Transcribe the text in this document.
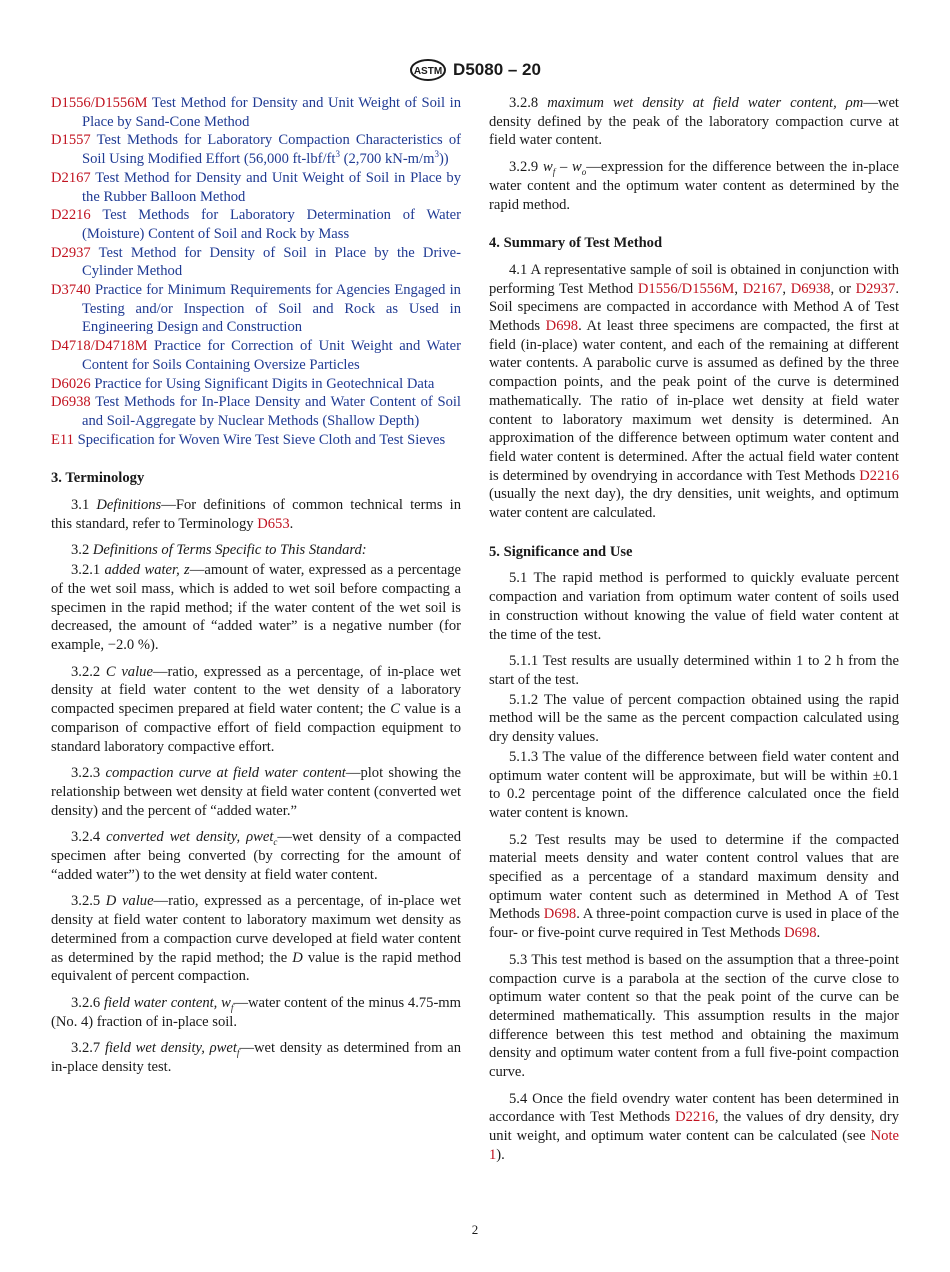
ASTM D5080 – 20

D1556/D1556M Test Method for Density and Unit Weight of Soil in Place by Sand-Cone Method

D1557 Test Methods for Laboratory Compaction Characteristics of Soil Using Modified Effort (56,000 $ft-lbf/ft^3$ (2,700 $kN-m/m^3$))

D2167 Test Method for Density and Unit Weight of Soil in Place by the Rubber Balloon Method

D2216 Test Methods for Laboratory Determination of Water (Moisture) Content of Soil and Rock by Mass

D2937 Test Method for Density of Soil in Place by the Drive-Cylinder Method

D3740 Practice for Minimum Requirements for Agencies Engaged in Testing and/or Inspection of Soil and Rock as Used in Engineering Design and Construction

D4718/D4718M Practice for Correction of Unit Weight and Water Content for Soils Containing Oversize Particles

D6026 Practice for Using Significant Digits in Geotechnical Data

D6938 Test Methods for In-Place Density and Water Content of Soil and Soil-Aggregate by Nuclear Methods (Shallow Depth)

E11 Specification for Woven Wire Test Sieve Cloth and Test Sieves

3. Terminology

3.1 Definitions—For definitions of common technical terms in this standard, refer to Terminology D653.

3.2 Definitions of Terms Specific to This Standard:

3.2.1 added water, z—amount of water, expressed as a percentage of the wet soil mass, which is added to wet soil before compacting a specimen in the rapid method; if the water content of the wet soil is decreased, the amount of “added water” is a negative number (for example, −2.0 %).

3.2.2 C value—ratio, expressed as a percentage, of in-place wet density at field water content to the wet density of a laboratory compacted specimen prepared at field water content; the C value is a comparison of compactive effort of field compaction equipment to standard laboratory compactive effort.

3.2.3 compaction curve at field water content—plot showing the relationship between wet density at field water content (converted wet density) and the percent of “added water.”

3.2.4 converted wet density, ρwet$_c$—wet density of a compacted specimen after being converted (by correcting for the amount of “added water”) to the wet density at field water content.

3.2.5 D value—ratio, expressed as a percentage, of in-place wet density at field water content to laboratory maximum wet density as determined from a compaction curve developed at field water content as determined by the rapid method; the D value is the rapid method equivalent of percent compaction.

3.2.6 field water content, $w_f—water$ content of the minus 4.75-mm (No. 4) fraction of in-place soil.

3.2.7 field wet density, ρwet$_f$—wet density as determined from an in-place density test.

3.2.8 maximum wet density at field water content, ρm—wet density defined by the peak of the laboratory compaction curve at field water content.

3.2.9 $w_f$ – $w_o—expression$ for the difference between the in-place water content and the optimum water content as determined by the rapid method.

4. Summary of Test Method

4.1 A representative sample of soil is obtained in conjunction with performing Test Method D1556/D1556M, D2167, D6938, or D2937. Soil specimens are compacted in accordance with Method A of Test Methods D698. At least three specimens are compacted, the first at field (in-place) water content, and each of the remaining at different water contents. A parabolic curve is assumed as defined by the three compaction points, and the peak point of the curve is determined mathematically. The ratio of in-place wet density at field water content to laboratory maximum wet density is determined. An approximation of the difference between optimum water content and field water content is determined. After the actual field water content is determined by ovendrying in accordance with Test Methods D2216 (usually the next day), the dry densities, unit weights, and optimum water content are calculated.

5. Significance and Use

5.1 The rapid method is performed to quickly evaluate percent compaction and variation from optimum water content of soils used in construction without knowing the value of field water content at the time of the test.

5.1.1 Test results are usually determined within 1 to 2 h from the start of the test.

5.1.2 The value of percent compaction obtained using the rapid method will be the same as the percent compaction calculated using dry density values.

5.1.3 The value of the difference between field water content and optimum water content will be approximate, but will be within ±0.1 to 0.2 percentage point of the difference calculated once the field water content is known.

5.2 Test results may be used to determine if the compacted material meets density and water content control values that are specified as a percentage of a standard maximum density and optimum water content such as determined in Method A of Test Methods D698. A three-point compaction curve is used in place of the four- or five-point curve required in Test Methods D698.

5.3 This test method is based on the assumption that a three-point compaction curve is a parabola at the section of the curve close to optimum water content so that the peak point of the curve can be determined mathematically. This assumption results in the major difference between this test method and obtaining the maximum density and optimum water content from a full five-point compaction curve.

5.4 Once the field ovendry water content has been determined in accordance with Test Methods D2216, the values of dry density, dry unit weight, and optimum water content can be calculated (see Note 1).

2
